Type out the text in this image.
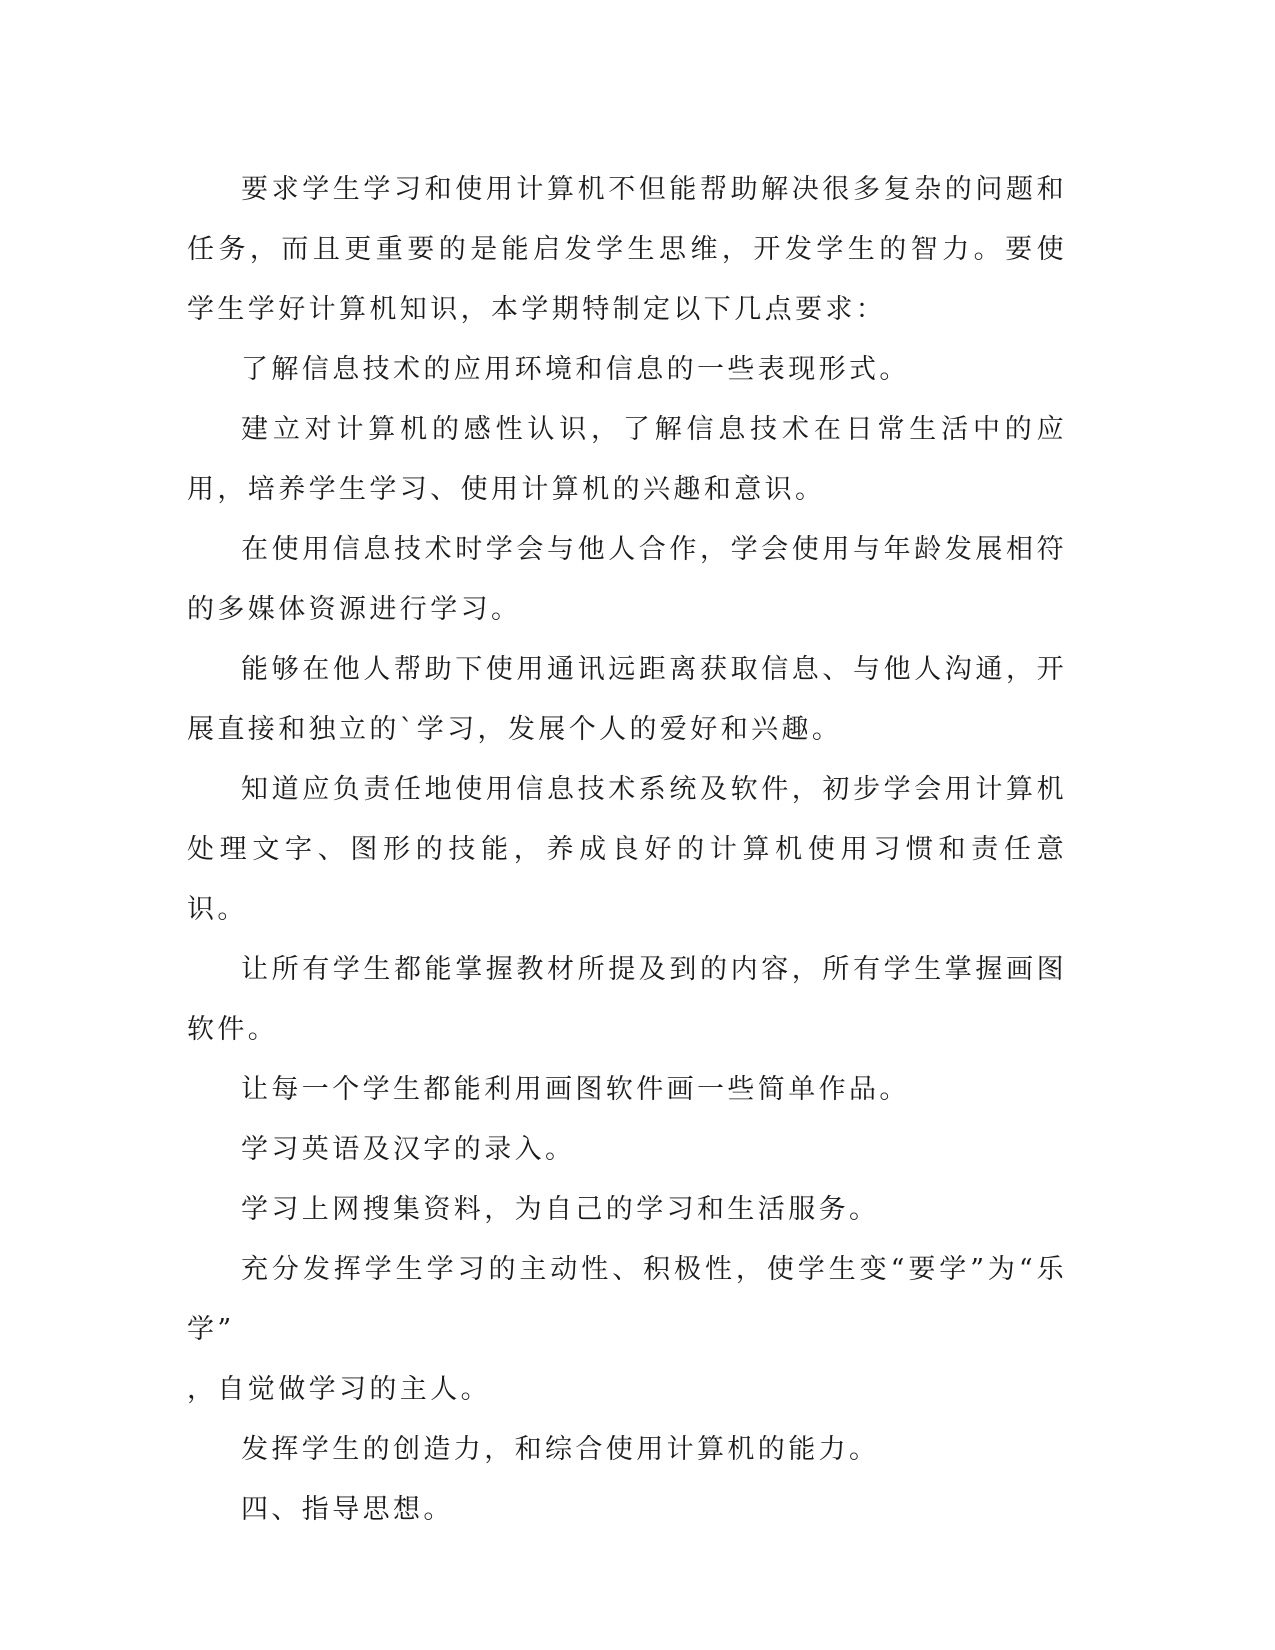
要求学生学习和使用计算机不但能帮助解决很多复杂的问题和任务，而且更重要的是能启发学生思维，开发学生的智力。要使学生学好计算机知识，本学期特制定以下几点要求：

了解信息技术的应用环境和信息的一些表现形式。

建立对计算机的感性认识，了解信息技术在日常生活中的应用，培养学生学习、使用计算机的兴趣和意识。

在使用信息技术时学会与他人合作，学会使用与年龄发展相符的多媒体资源进行学习。

能够在他人帮助下使用通讯远距离获取信息、与他人沟通，开展直接和独立的`学习，发展个人的爱好和兴趣。

知道应负责任地使用信息技术系统及软件，初步学会用计算机处理文字、图形的技能，养成良好的计算机使用习惯和责任意识。

让所有学生都能掌握教材所提及到的内容，所有学生掌握画图软件。

让每一个学生都能利用画图软件画一些简单作品。

学习英语及汉字的录入。

学习上网搜集资料，为自己的学习和生活服务。

充分发挥学生学习的主动性、积极性，使学生变“要学”为“乐学”
，自觉做学习的主人。

发挥学生的创造力，和综合使用计算机的能力。

四、指导思想。
